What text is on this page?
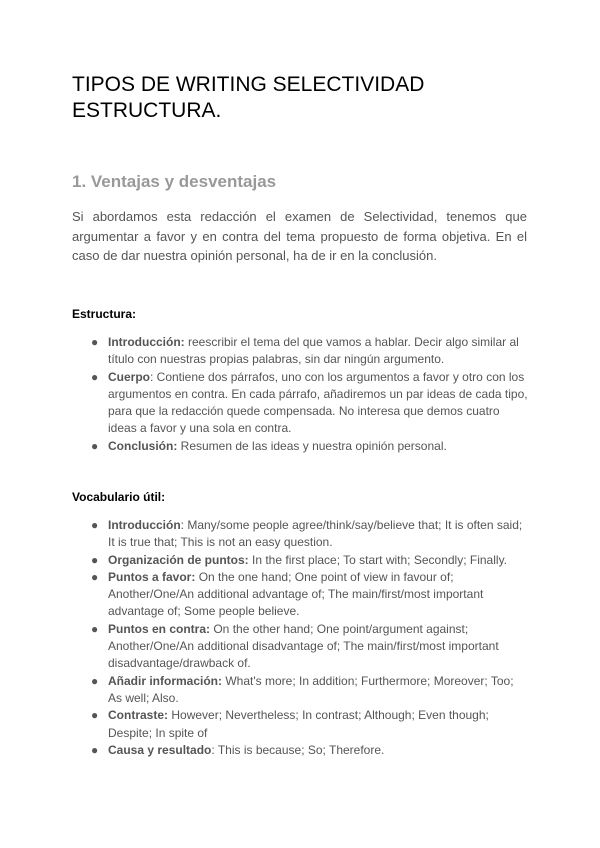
TIPOS DE WRITING SELECTIVIDAD ESTRUCTURA.
1. Ventajas y desventajas

Si abordamos esta redacción el examen de Selectividad, tenemos que argumentar a favor y en contra del tema propuesto de forma objetiva. En el caso de dar nuestra opinión personal, ha de ir en la conclusión.

Estructura:
● Introducción: reescribir el tema del que vamos a hablar. Decir algo similar al título con nuestras propias palabras, sin dar ningún argumento.
● Cuerpo: Contiene dos párrafos, uno con los argumentos a favor y otro con los argumentos en contra. En cada párrafo, añadiremos un par ideas de cada tipo, para que la redacción quede compensada. No interesa que demos cuatro ideas a favor y una sola en contra.
● Conclusión: Resumen de las ideas y nuestra opinión personal.
Vocabulario útil:
● Introducción: Many/some people agree/think/say/believe that; It is often said; It is true that; This is not an easy question.
● Organización de puntos: In the first place; To start with; Secondly; Finally.
● Puntos a favor: On the one hand; One point of view in favour of; Another/One/An additional advantage of; The main/first/most important advantage of; Some people believe.
● Puntos en contra: On the other hand; One point/argument against; Another/One/An additional disadvantage of; The main/first/most important disadvantage/drawback of.
● Añadir información: What's more; In addition; Furthermore; Moreover; Too; As well; Also.
● Contraste: However; Nevertheless; In contrast; Although; Even though; Despite; In spite of
● Causa y resultado: This is because; So; Therefore.
